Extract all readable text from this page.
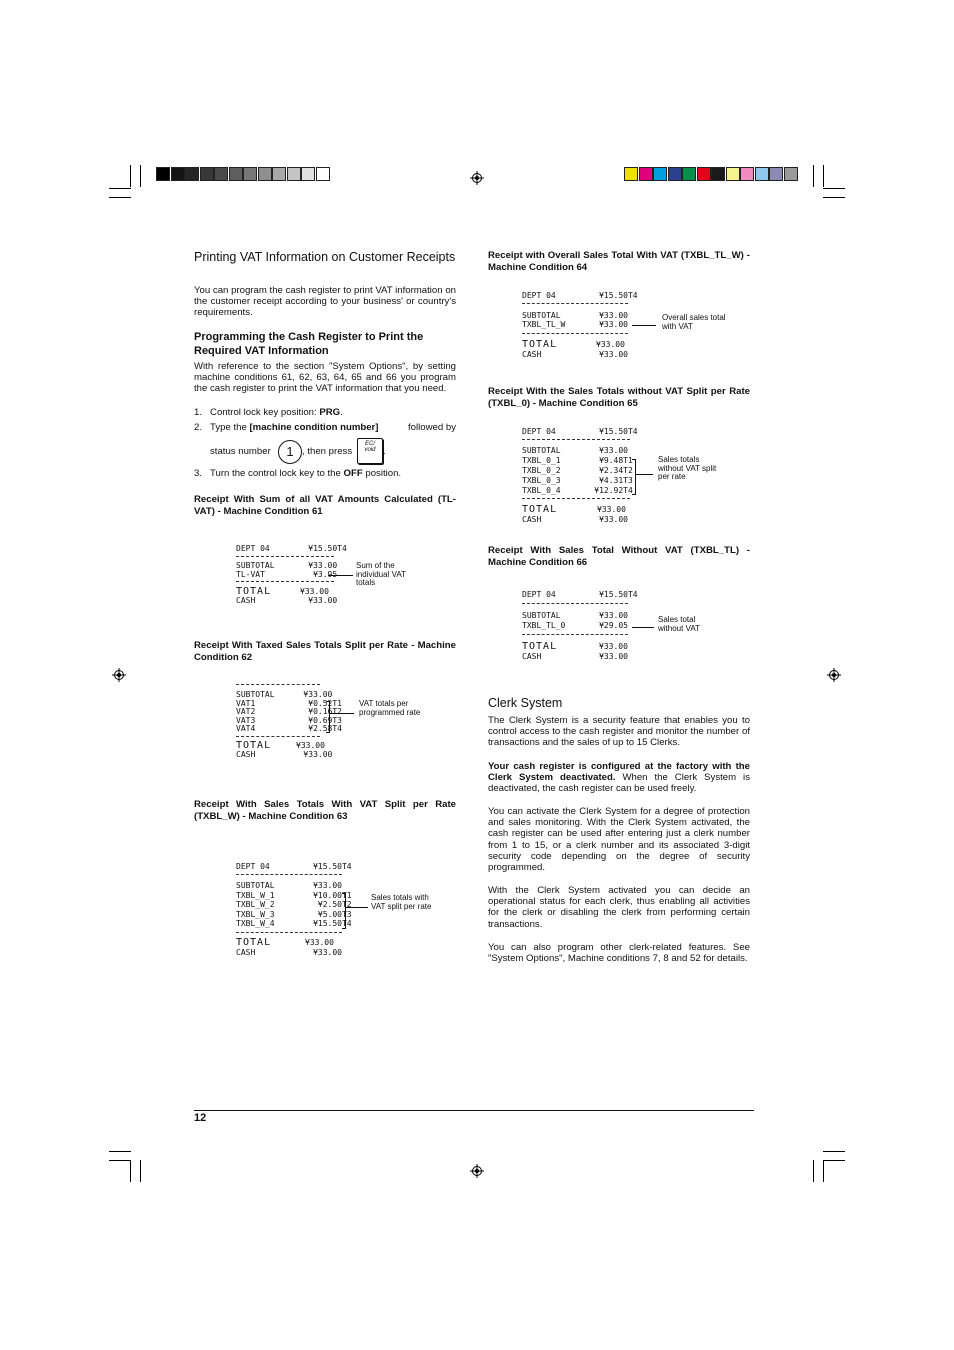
Printing VAT Information on Customer Receipts
You can program the cash register to print VAT information on the customer receipt according to your business' or country's requirements.
Programming the Cash Register to Print the Required VAT Information
With reference to the section "System Options", by setting machine conditions 61, 62, 63, 64, 65 and 66 you program the cash register to print the VAT information that you need.
1. Control lock key position: PRG.
2. Type the [machine condition number]	followed by
status number	1 , then press
EC/
void .
3. Turn the control lock key to the OFF position.
Receipt With Sum of all VAT Amounts Calculated (TL-VAT) - Machine Condition 61
DEPT 04        ¥15.50T4
SUBTOTAL       ¥33.00
TL-VAT          ¥3.95
TOTAL	¥33.00
CASH           ¥33.00
Sum of the individual VAT totals
Receipt With Taxed Sales Totals Split per Rate - Machine Condition 62
SUBTOTAL      ¥33.00
VAT1           ¥0.52T1
VAT2           ¥0.16T2
VAT3           ¥0.69T3
VAT4           ¥2.58T4
TOTAL	¥33.00
CASH          ¥33.00
VAT totals per programmed rate
Receipt With Sales Totals With VAT Split per Rate (TXBL_W) - Machine Condition 63
DEPT 04         ¥15.50T4
SUBTOTAL        ¥33.00
TXBL_W_1        ¥10.00T1
TXBL_W_2         ¥2.50T2
TXBL_W_3         ¥5.00T3
TXBL_W_4        ¥15.50T4
TOTAL	¥33.00
CASH            ¥33.00
Sales totals with VAT split per rate
Receipt with Overall Sales Total With VAT (TXBL_TL_W) - Machine Condition 64
DEPT 04         ¥15.50T4
SUBTOTAL        ¥33.00
TXBL_TL_W       ¥33.00
TOTAL	¥33.00
CASH            ¥33.00
Overall sales total with VAT
Receipt With the Sales Totals without VAT Split per Rate (TXBL_0) - Machine Condition 65
DEPT 04         ¥15.50T4
SUBTOTAL        ¥33.00
TXBL_0_1        ¥9.48T1
TXBL_0_2        ¥2.34T2
TXBL_0_3        ¥4.31T3
TXBL_0_4       ¥12.92T4
TOTAL	¥33.00
CASH            ¥33.00
Sales totals without VAT split per rate
Receipt With Sales Total Without VAT (TXBL_TL) - Machine Condition 66
DEPT 04         ¥15.50T4
SUBTOTAL        ¥33.00
TXBL_TL_0       ¥29.05
TOTAL	¥33.00
CASH            ¥33.00
Sales total without VAT
Clerk System
The Clerk System is a security feature that enables you to control access to the cash register and monitor the number of transactions and the sales of up to 15 Clerks.
Your cash register is configured at the factory with the Clerk System deactivated. When the Clerk System is deactivated, the cash register can be used freely.
You can activate the Clerk System for a degree of protection and sales monitoring. With the Clerk System activated, the cash register can be used after entering just a clerk number from 1 to 15, or a clerk number and its associated 3-digit security code depending on the degree of security programmed.
With the Clerk System activated you can decide an operational status for each clerk, thus enabling all activities for the clerk or disabling the clerk from performing certain transactions.
You can also program other clerk-related features. See "System Options", Machine conditions 7, 8 and 52 for details.
12
